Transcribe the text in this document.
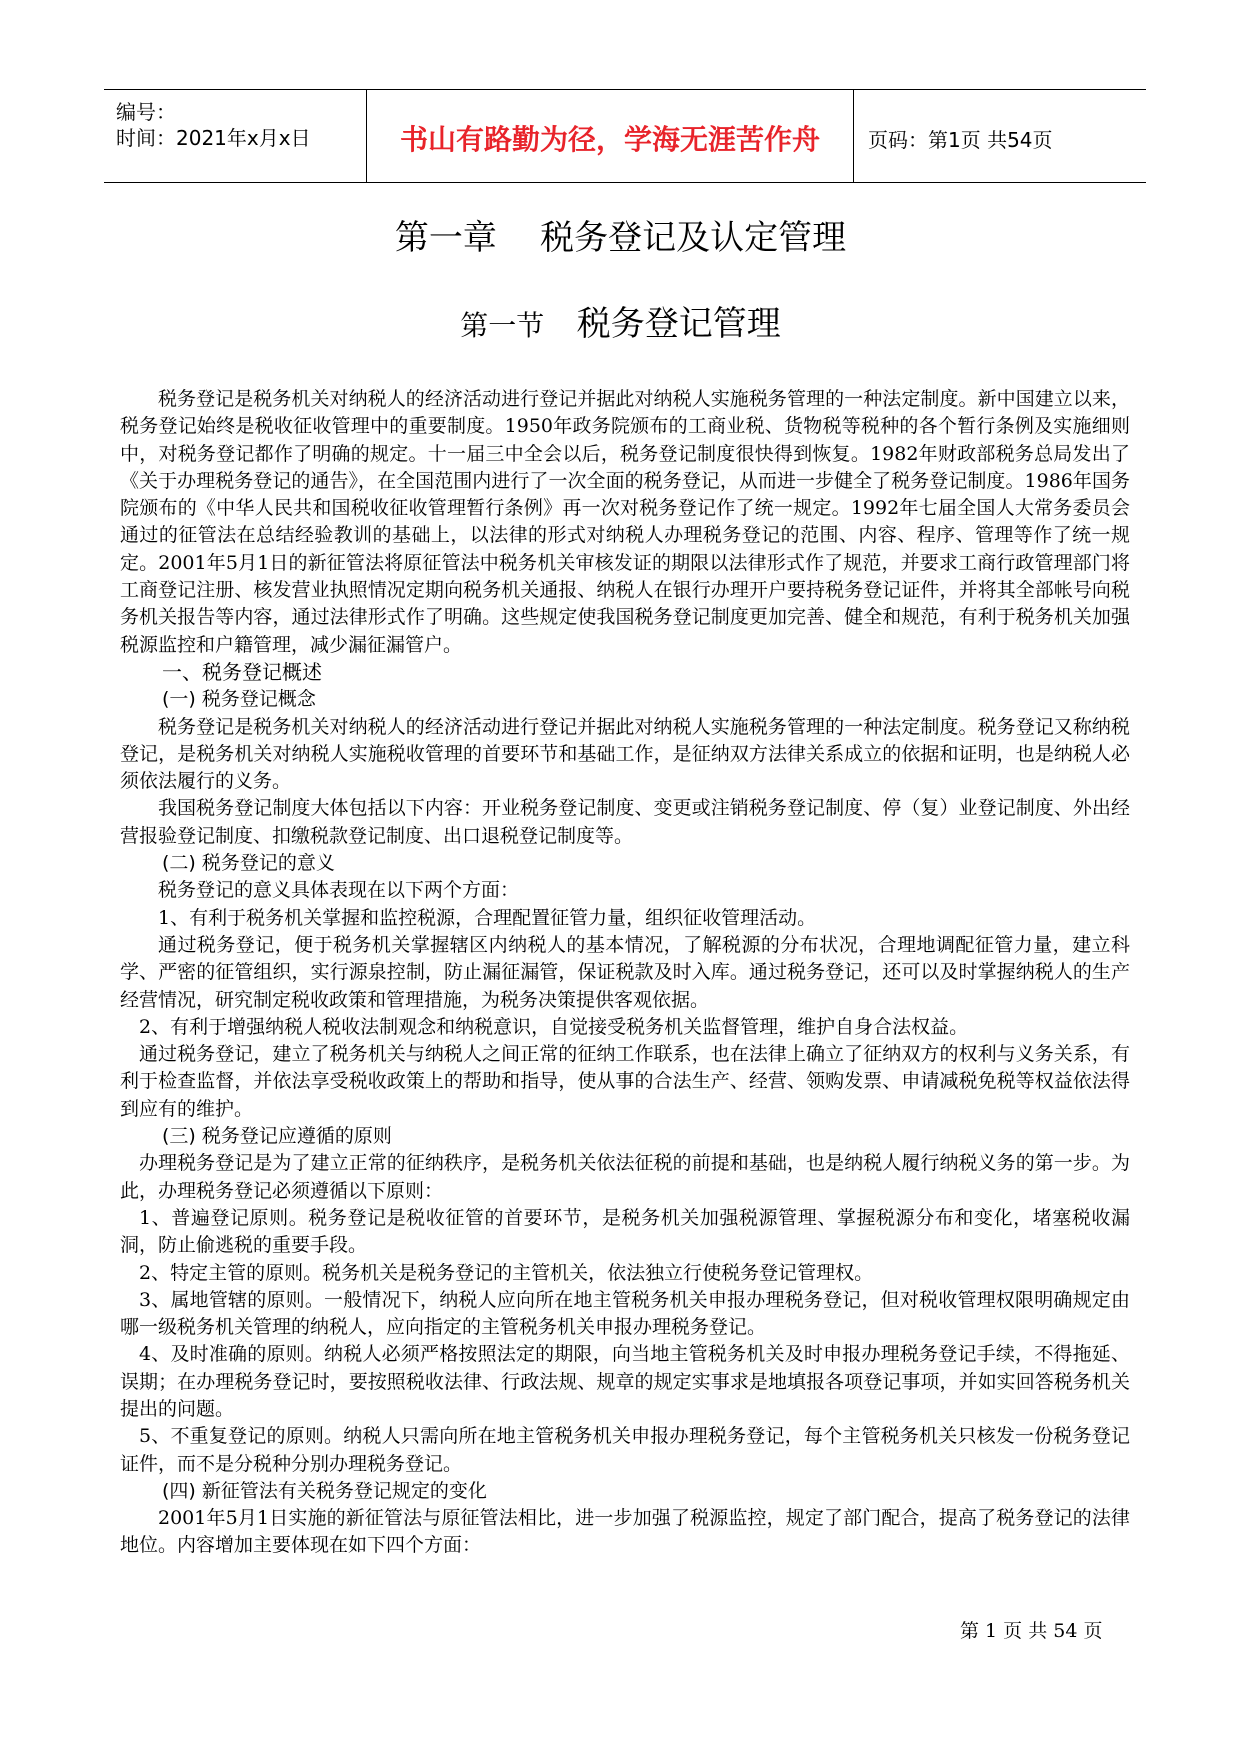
编号：
时间：2021年x月x日	书山有路勤为径，学海无涯苦作舟	页码：第1页 共54页
第一章    税务登记及认定管理
第一节 税务登记管理

税务登记是税务机关对纳税人的经济活动进行登记并据此对纳税人实施税务管理的一种法定制度。新中国建立以来，税务登记始终是税收征收管理中的重要制度。1950年政务院颁布的工商业税、货物税等税种的各个暂行条例及实施细则中，对税务登记都作了明确的规定。十一届三中全会以后，税务登记制度很快得到恢复。1982年财政部税务总局发出了《关于办理税务登记的通告》，在全国范围内进行了一次全面的税务登记，从而进一步健全了税务登记制度。1986年国务院颁布的《中华人民共和国税收征收管理暂行条例》再一次对税务登记作了统一规定。1992年七届全国人大常务委员会通过的征管法在总结经验教训的基础上，以法律的形式对纳税人办理税务登记的范围、内容、程序、管理等作了统一规定。2001年5月1日的新征管法将原征管法中税务机关审核发证的期限以法律形式作了规范，并要求工商行政管理部门将工商登记注册、核发营业执照情况定期向税务机关通报、纳税人在银行办理开户要持税务登记证件，并将其全部帐号向税务机关报告等内容，通过法律形式作了明确。这些规定使我国税务登记制度更加完善、健全和规范，有利于税务机关加强税源监控和户籍管理，减少漏征漏管户。

一、税务登记概述

(一) 税务登记概念

税务登记是税务机关对纳税人的经济活动进行登记并据此对纳税人实施税务管理的一种法定制度。税务登记又称纳税登记，是税务机关对纳税人实施税收管理的首要环节和基础工作，是征纳双方法律关系成立的依据和证明，也是纳税人必须依法履行的义务。

我国税务登记制度大体包括以下内容：开业税务登记制度、变更或注销税务登记制度、停（复）业登记制度、外出经营报验登记制度、扣缴税款登记制度、出口退税登记制度等。

(二) 税务登记的意义

税务登记的意义具体表现在以下两个方面：

1、有利于税务机关掌握和监控税源，合理配置征管力量，组织征收管理活动。

通过税务登记，便于税务机关掌握辖区内纳税人的基本情况，了解税源的分布状况，合理地调配征管力量，建立科学、严密的征管组织，实行源泉控制，防止漏征漏管，保证税款及时入库。通过税务登记，还可以及时掌握纳税人的生产经营情况，研究制定税收政策和管理措施，为税务决策提供客观依据。

2、有利于增强纳税人税收法制观念和纳税意识，自觉接受税务机关监督管理，维护自身合法权益。

通过税务登记，建立了税务机关与纳税人之间正常的征纳工作联系，也在法律上确立了征纳双方的权利与义务关系，有利于检查监督，并依法享受税收政策上的帮助和指导，使从事的合法生产、经营、领购发票、申请减税免税等权益依法得到应有的维护。

(三) 税务登记应遵循的原则

办理税务登记是为了建立正常的征纳秩序，是税务机关依法征税的前提和基础，也是纳税人履行纳税义务的第一步。为此，办理税务登记必须遵循以下原则：

1、普遍登记原则。税务登记是税收征管的首要环节，是税务机关加强税源管理、掌握税源分布和变化，堵塞税收漏洞，防止偷逃税的重要手段。

2、特定主管的原则。税务机关是税务登记的主管机关，依法独立行使税务登记管理权。

3、属地管辖的原则。一般情况下，纳税人应向所在地主管税务机关申报办理税务登记，但对税收管理权限明确规定由哪一级税务机关管理的纳税人，应向指定的主管税务机关申报办理税务登记。

4、及时准确的原则。纳税人必须严格按照法定的期限，向当地主管税务机关及时申报办理税务登记手续，不得拖延、误期；在办理税务登记时，要按照税收法律、行政法规、规章的规定实事求是地填报各项登记事项，并如实回答税务机关提出的问题。

5、不重复登记的原则。纳税人只需向所在地主管税务机关申报办理税务登记，每个主管税务机关只核发一份税务登记证件，而不是分税种分别办理税务登记。

(四) 新征管法有关税务登记规定的变化

2001年5月1日实施的新征管法与原征管法相比，进一步加强了税源监控，规定了部门配合，提高了税务登记的法律地位。内容增加主要体现在如下四个方面：

第 1 页 共 54 页
